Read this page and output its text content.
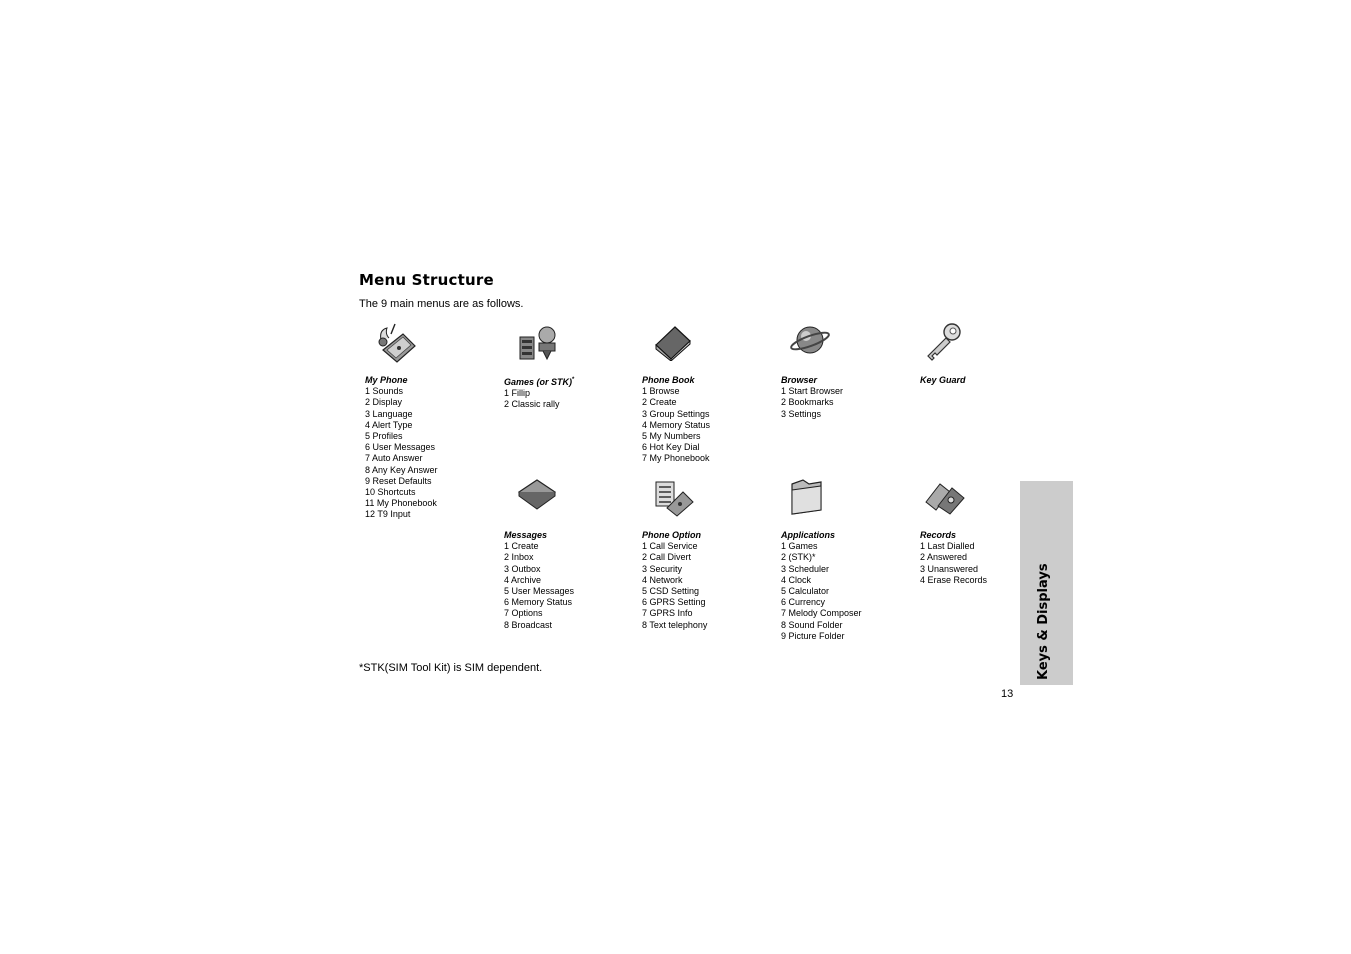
Menu Structure
The 9 main menus are as follows.
My Phone
1 Sounds
2 Display
3 Language
4 Alert Type
5 Profiles
6 User Messages
7 Auto Answer
8 Any Key Answer
9 Reset Defaults
10 Shortcuts
11 My Phonebook
12 T9 Input
Games (or STK)*
1 Fillip
2 Classic rally
Phone Book
1 Browse
2 Create
3 Group Settings
4 Memory Status
5 My Numbers
6 Hot Key Dial
7 My Phonebook
Browser
1 Start Browser
2 Bookmarks
3 Settings
Key Guard
Messages
1 Create
2 Inbox
3 Outbox
4 Archive
5 User Messages
6 Memory Status
7 Options
8 Broadcast
Phone Option
1 Call Service
2 Call Divert
3 Security
4 Network
5 CSD Setting
6 GPRS Setting
7 GPRS Info
8 Text telephony
Applications
1 Games
2 (STK)*
3 Scheduler
4 Clock
5 Calculator
6 Currency
7 Melody Composer
8 Sound Folder
9 Picture Folder
Records
1 Last Dialled
2 Answered
3 Unanswered
4 Erase Records
*STK(SIM Tool Kit) is SIM dependent.	Keys & Displays
13
